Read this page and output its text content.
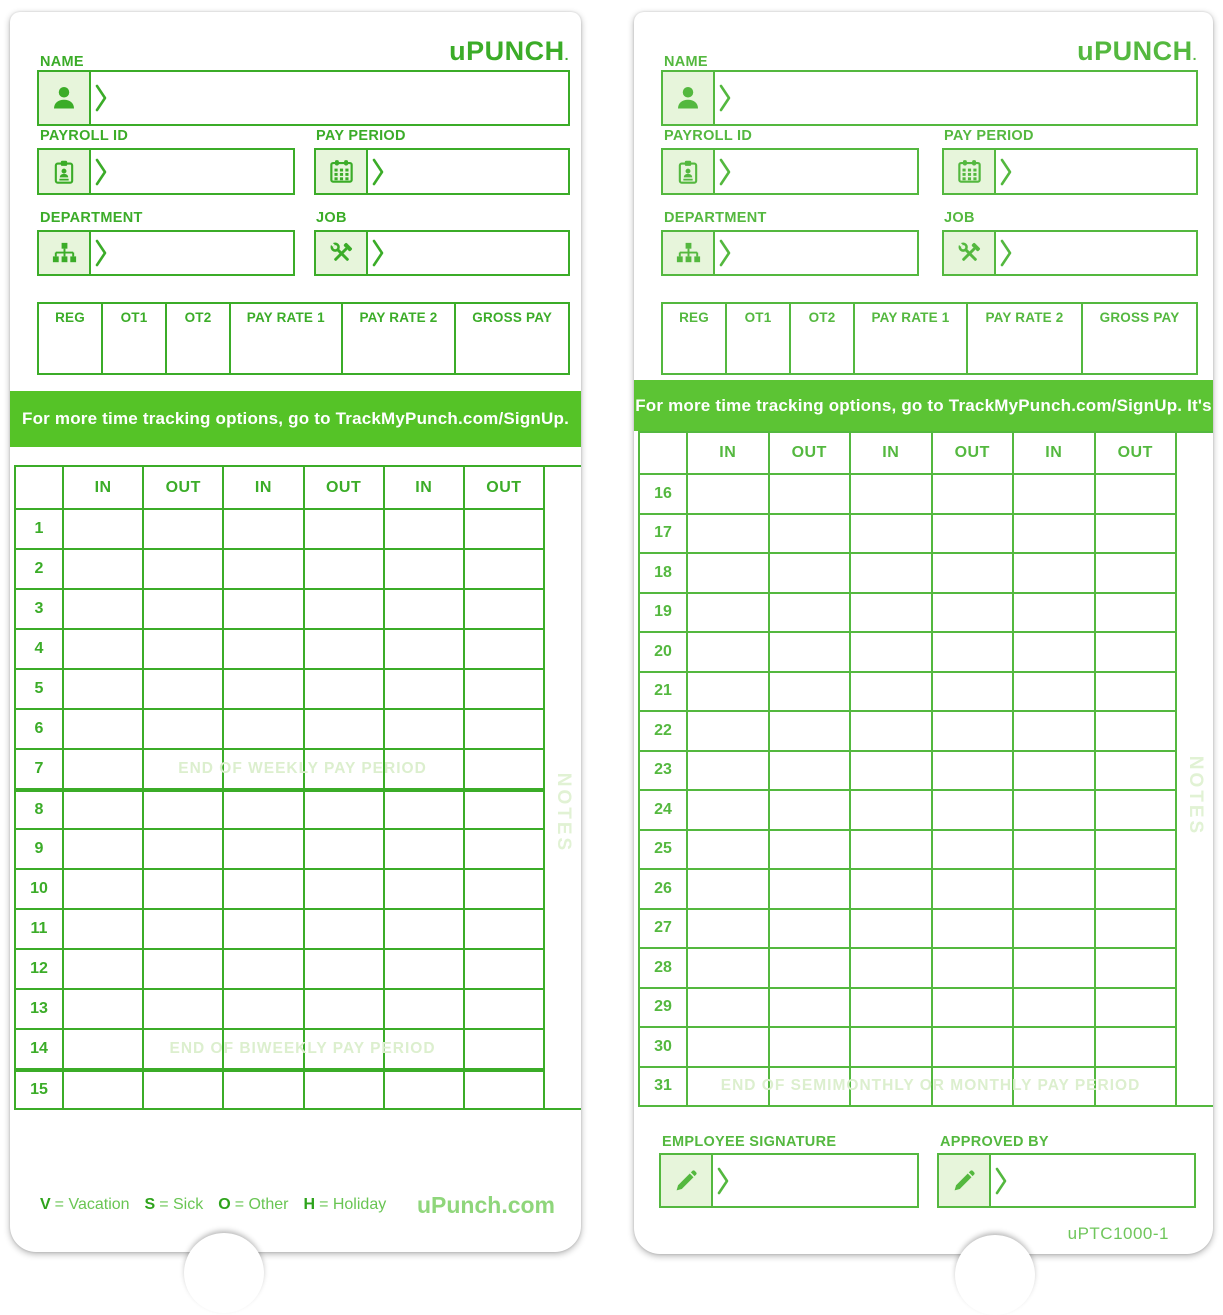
uPUNCH.
NAME
PAYROLL ID	PAY PERIOD
DEPARTMENT	JOB
REG	OT1	OT2	PAY RATE 1	PAY RATE 2	GROSS PAY
For more time tracking options, go to TrackMyPunch.com/SignUp. It's free!
IN	OUT	IN	OUT	IN	OUT
1
2
3
4
5
6
7	END OF WEEKLY PAY PERIOD
8
9
10
11
12
13
14	END OF BIWEEKLY PAY PERIOD
15
NOTES
V = Vacation S = Sick O = Other H = Holiday uPunch.com
uPUNCH.
NAME
PAYROLL ID	PAY PERIOD
DEPARTMENT	JOB
REG	OT1	OT2	PAY RATE 1	PAY RATE 2	GROSS PAY
For more time tracking options, go to TrackMyPunch.com/SignUp. It's free!
IN	OUT	IN	OUT	IN	OUT
16
17
18
19
20
21
22
23
24
25
26
27
28
29
30
31	END OF SEMIMONTHLY OR MONTHLY PAY PERIOD
NOTES
EMPLOYEE SIGNATURE	APPROVED BY
uPTC1000-1
